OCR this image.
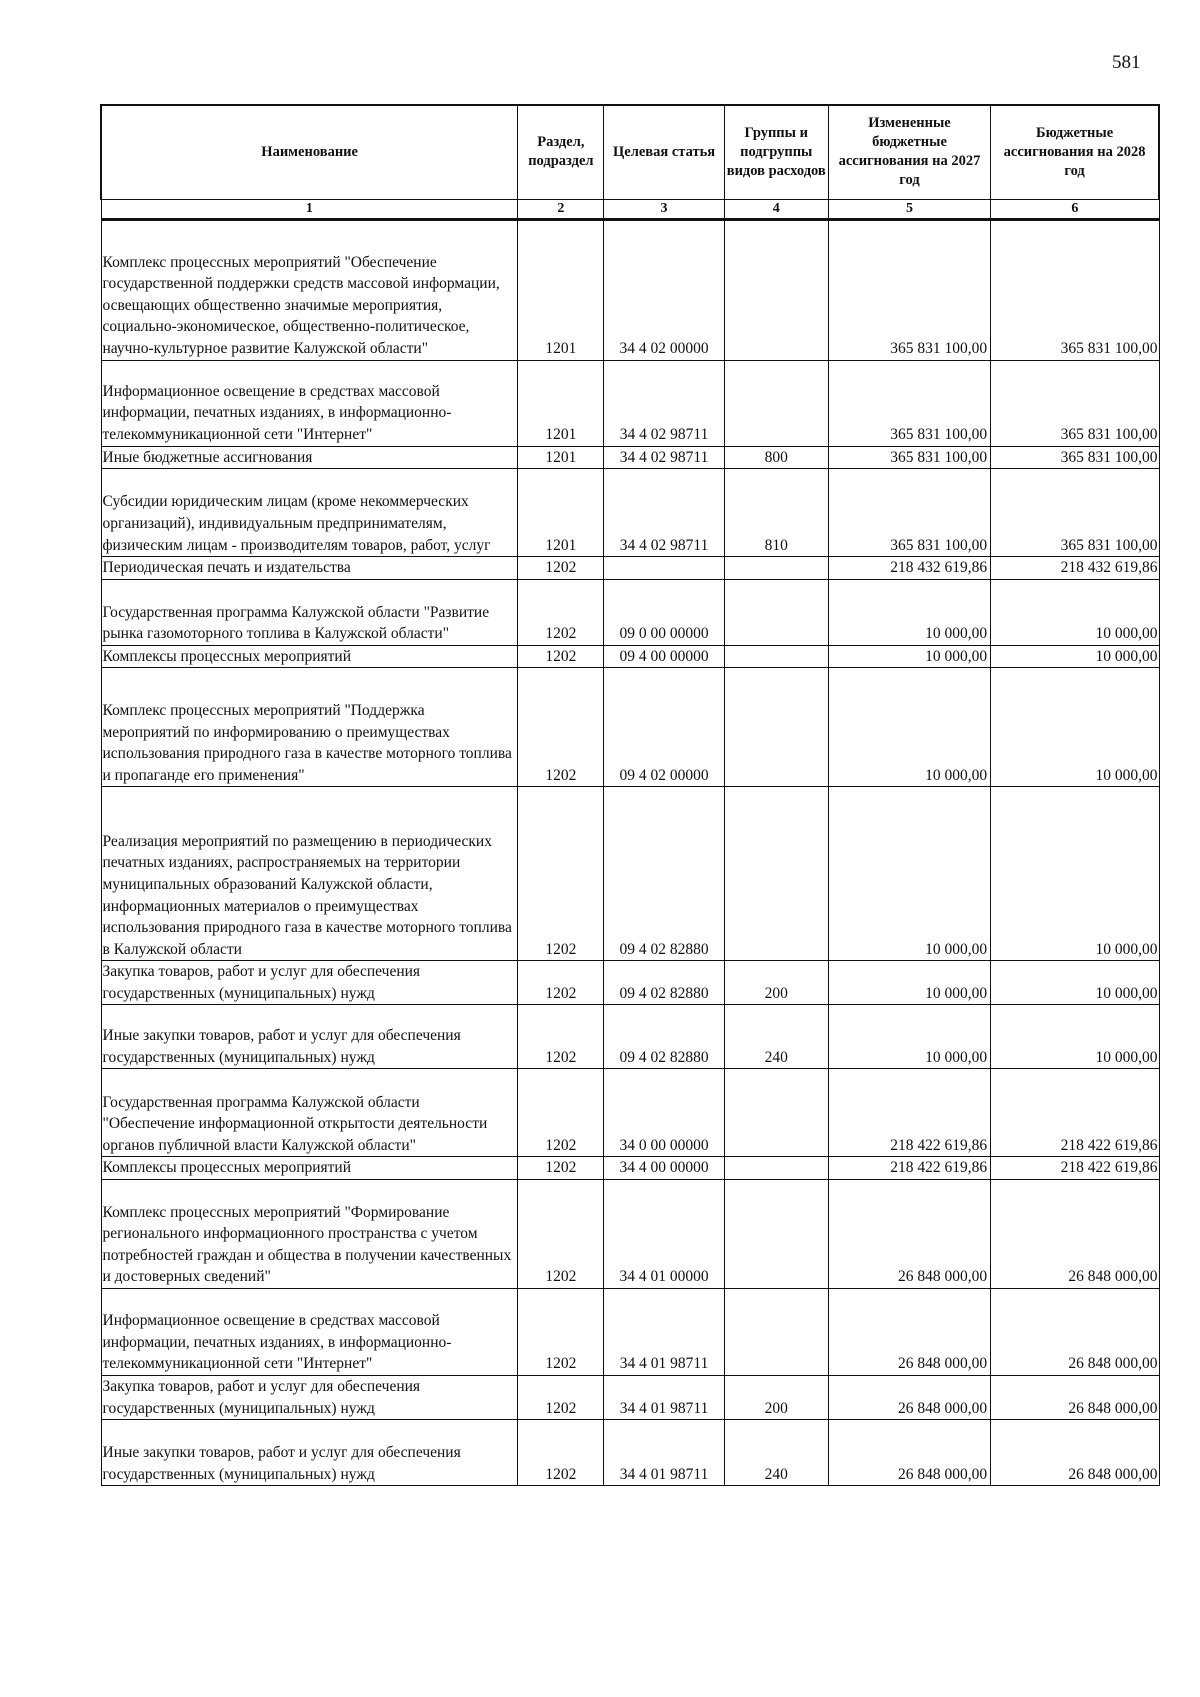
581
Наименование	Раздел, подраздел	Целевая статья	Группы и подгруппы видов расходов	Измененные бюджетные ассигнования на 2027 год	Бюджетные ассигнования на 2028 год
1	2	3	4	5	6
Комплекс процессных мероприятий "Обеспечение государственной поддержки средств массовой информации, освещающих общественно значимые мероприятия, социально-экономическое, общественно-политическое, научно-культурное развитие Калужской области"	1201	34 4 02 00000		365 831 100,00	365 831 100,00
Информационное освещение в средствах массовой информации, печатных изданиях, в информационно-телекоммуникационной сети "Интернет"	1201	34 4 02 98711		365 831 100,00	365 831 100,00
Иные бюджетные ассигнования	1201	34 4 02 98711	800	365 831 100,00	365 831 100,00
Субсидии юридическим лицам (кроме некоммерческих организаций), индивидуальным предпринимателям, физическим лицам - производителям товаров, работ, услуг	1201	34 4 02 98711	810	365 831 100,00	365 831 100,00
Периодическая печать и издательства	1202			218 432 619,86	218 432 619,86
Государственная программа Калужской области "Развитие рынка газомоторного топлива в Калужской области"	1202	09 0 00 00000		10 000,00	10 000,00
Комплексы процессных мероприятий	1202	09 4 00 00000		10 000,00	10 000,00
Комплекс процессных мероприятий "Поддержка мероприятий по информированию о преимуществах использования природного газа в качестве моторного топлива и пропаганде его применения"	1202	09 4 02 00000		10 000,00	10 000,00
Реализация мероприятий по размещению в периодических печатных изданиях, распространяемых на территории муниципальных образований Калужской области, информационных материалов о преимуществах использования природного газа в качестве моторного топлива в Калужской области	1202	09 4 02 82880		10 000,00	10 000,00
Закупка товаров, работ и услуг для обеспечения государственных (муниципальных) нужд	1202	09 4 02 82880	200	10 000,00	10 000,00
Иные закупки товаров, работ и услуг для обеспечения государственных (муниципальных) нужд	1202	09 4 02 82880	240	10 000,00	10 000,00
Государственная программа Калужской области "Обеспечение информационной открытости деятельности органов публичной власти Калужской области"	1202	34 0 00 00000		218 422 619,86	218 422 619,86
Комплексы процессных мероприятий	1202	34 4 00 00000		218 422 619,86	218 422 619,86
Комплекс процессных мероприятий "Формирование регионального информационного пространства с учетом потребностей граждан и общества в получении качественных и достоверных сведений"	1202	34 4 01 00000		26 848 000,00	26 848 000,00
Информационное освещение в средствах массовой информации, печатных изданиях, в информационно-телекоммуникационной сети "Интернет"	1202	34 4 01 98711		26 848 000,00	26 848 000,00
Закупка товаров, работ и услуг для обеспечения государственных (муниципальных) нужд	1202	34 4 01 98711	200	26 848 000,00	26 848 000,00
Иные закупки товаров, работ и услуг для обеспечения государственных (муниципальных) нужд	1202	34 4 01 98711	240	26 848 000,00	26 848 000,00
